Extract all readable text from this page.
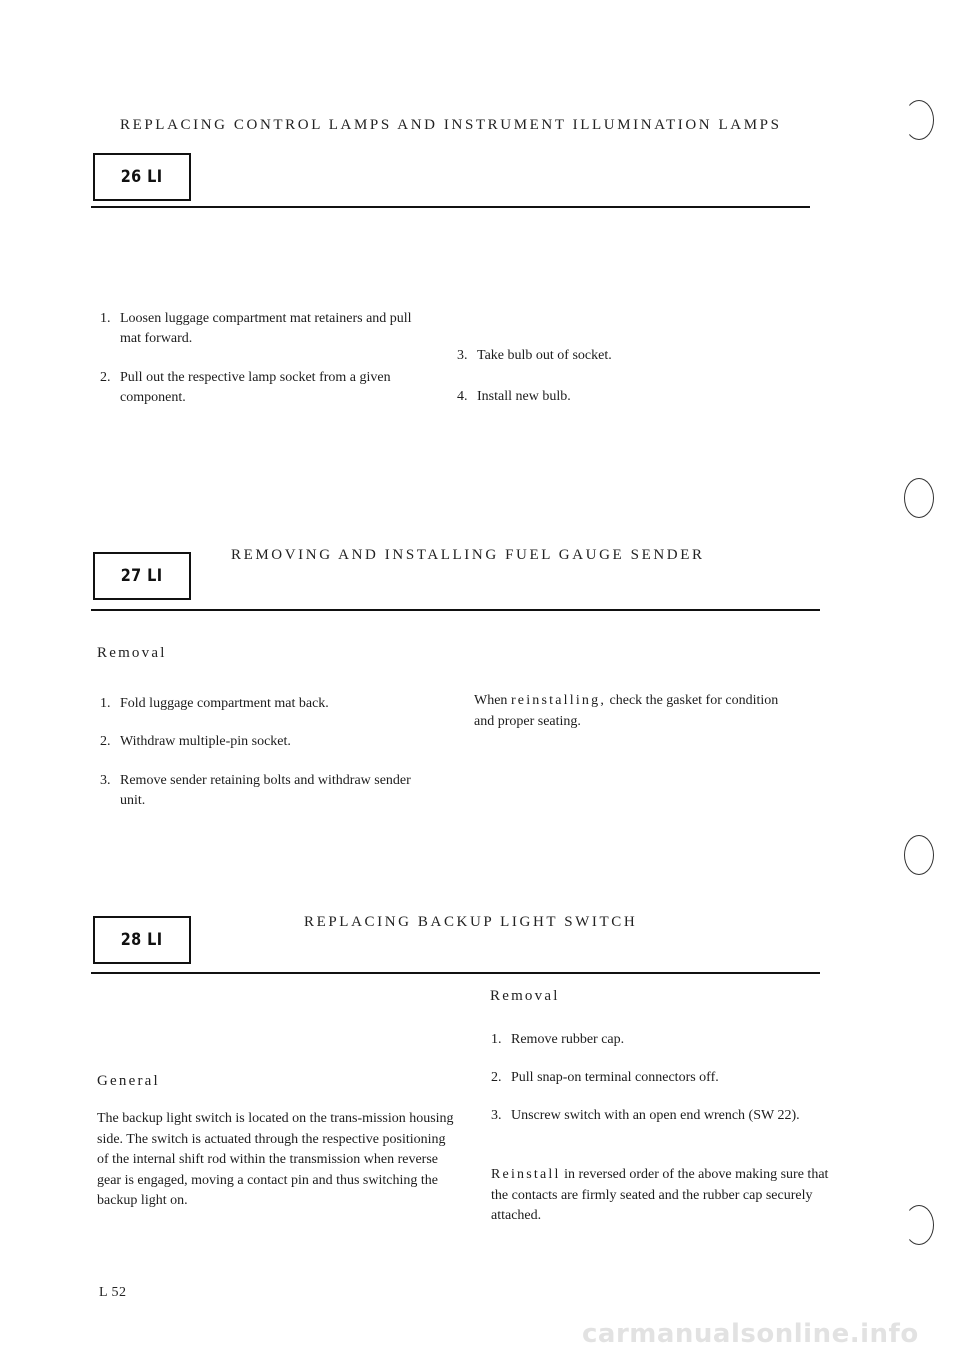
REPLACING CONTROL LAMPS AND INSTRUMENT ILLUMINATION LAMPS
26 LI
1. Loosen luggage compartment mat retainers and pull mat forward.
2. Pull out the respective lamp socket from a given component.
3. Take bulb out of socket.
4. Install new bulb.
27 LI
REMOVING AND INSTALLING FUEL GAUGE SENDER
Removal
1. Fold luggage compartment mat back.
2. Withdraw multiple-pin socket.
3. Remove sender retaining bolts and withdraw sender unit.
When reinstalling, check the gasket for condition and proper seating.
28 LI
REPLACING BACKUP LIGHT SWITCH
Removal
1. Remove rubber cap.
2. Pull snap-on terminal connectors off.
3. Unscrew switch with an open end wrench (SW 22).
Reinstall in reversed order of the above making sure that the contacts are firmly seated and the rubber cap securely attached.
General
The backup light switch is located on the trans-mission housing side. The switch is actuated through the respective positioning of the internal shift rod within the transmission when reverse gear is engaged, moving a contact pin and thus switching the backup light on.
L 52
carmanualsonline.info
